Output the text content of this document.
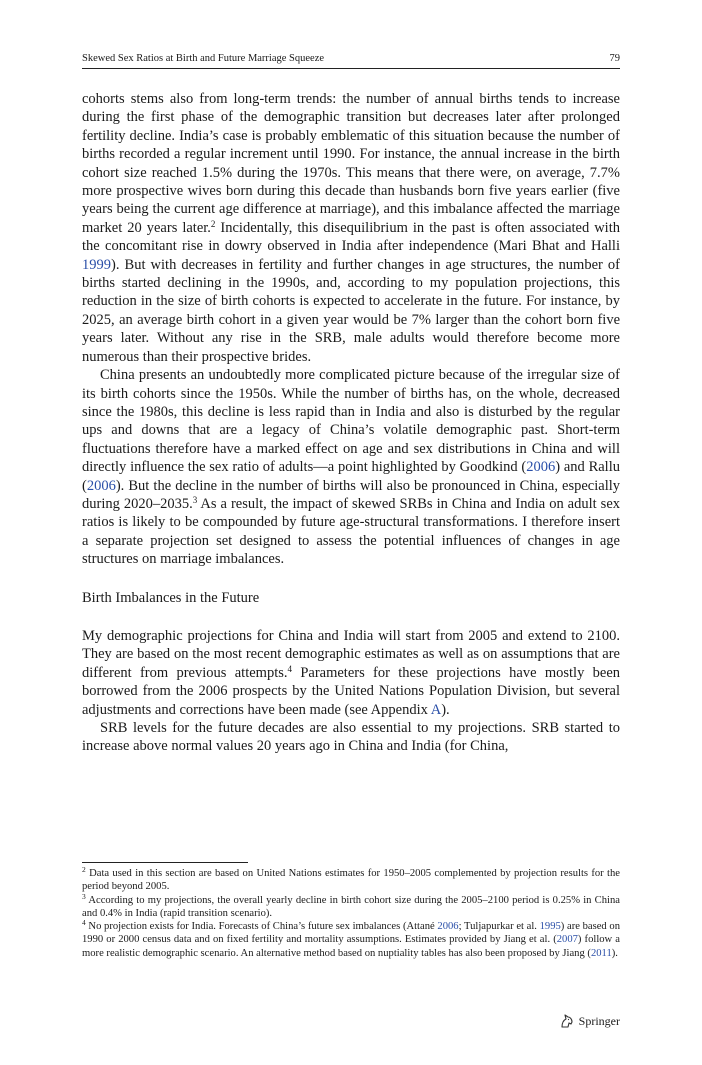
Skewed Sex Ratios at Birth and Future Marriage Squeeze	79

cohorts stems also from long-term trends: the number of annual births tends to increase during the first phase of the demographic transition but decreases later after prolonged fertility decline. India’s case is probably emblematic of this situation because the number of births recorded a regular increment until 1990. For instance, the annual increase in the birth cohort size reached 1.5% during the 1970s. This means that there were, on average, 7.7% more prospective wives born during this decade than husbands born five years earlier (five years being the current age difference at marriage), and this imbalance affected the marriage market 20 years later.$^2$ Incidentally, this disequilibrium in the past is often associated with the concomitant rise in dowry observed in India after independence (Mari Bhat and Halli 1999). But with decreases in fertility and further changes in age structures, the number of births started declining in the 1990s, and, according to my population projections, this reduction in the size of birth cohorts is expected to accelerate in the future. For instance, by 2025, an average birth cohort in a given year would be 7% larger than the cohort born five years later. Without any rise in the SRB, male adults would therefore become more numerous than their prospective brides.

China presents an undoubtedly more complicated picture because of the irregular size of its birth cohorts since the 1950s. While the number of births has, on the whole, decreased since the 1980s, this decline is less rapid than in India and also is disturbed by the regular ups and downs that are a legacy of China’s volatile demographic past. Short-term fluctuations therefore have a marked effect on age and sex distributions in China and will directly influence the sex ratio of adults—a point highlighted by Goodkind (2006) and Rallu (2006). But the decline in the number of births will also be pronounced in China, especially during 2020–2035.$^3$ As a result, the impact of skewed SRBs in China and India on adult sex ratios is likely to be compounded by future age-structural transformations. I therefore insert a separate projection set designed to assess the potential influences of changes in age structures on marriage imbalances.

Birth Imbalances in the Future

My demographic projections for China and India will start from 2005 and extend to 2100. They are based on the most recent demographic estimates as well as on assumptions that are different from previous attempts.$^4$ Parameters for these projections have mostly been borrowed from the 2006 prospects by the United Nations Population Division, but several adjustments and corrections have been made (see Appendix A).

SRB levels for the future decades are also essential to my projections. SRB started to increase above normal values 20 years ago in China and India (for China,

$^2$ Data used in this section are based on United Nations estimates for 1950–2005 complemented by projection results for the period beyond 2005.

$^3$ According to my projections, the overall yearly decline in birth cohort size during the 2005–2100 period is 0.25% in China and 0.4% in India (rapid transition scenario).

$^4$ No projection exists for India. Forecasts of China’s future sex imbalances (Attané 2006; Tuljapurkar et al. 1995) are based on 1990 or 2000 census data and on fixed fertility and mortality assumptions. Estimates provided by Jiang et al. (2007) follow a more realistic demographic scenario. An alternative method based on nuptiality tables has also been proposed by Jiang (2011).

Springer
